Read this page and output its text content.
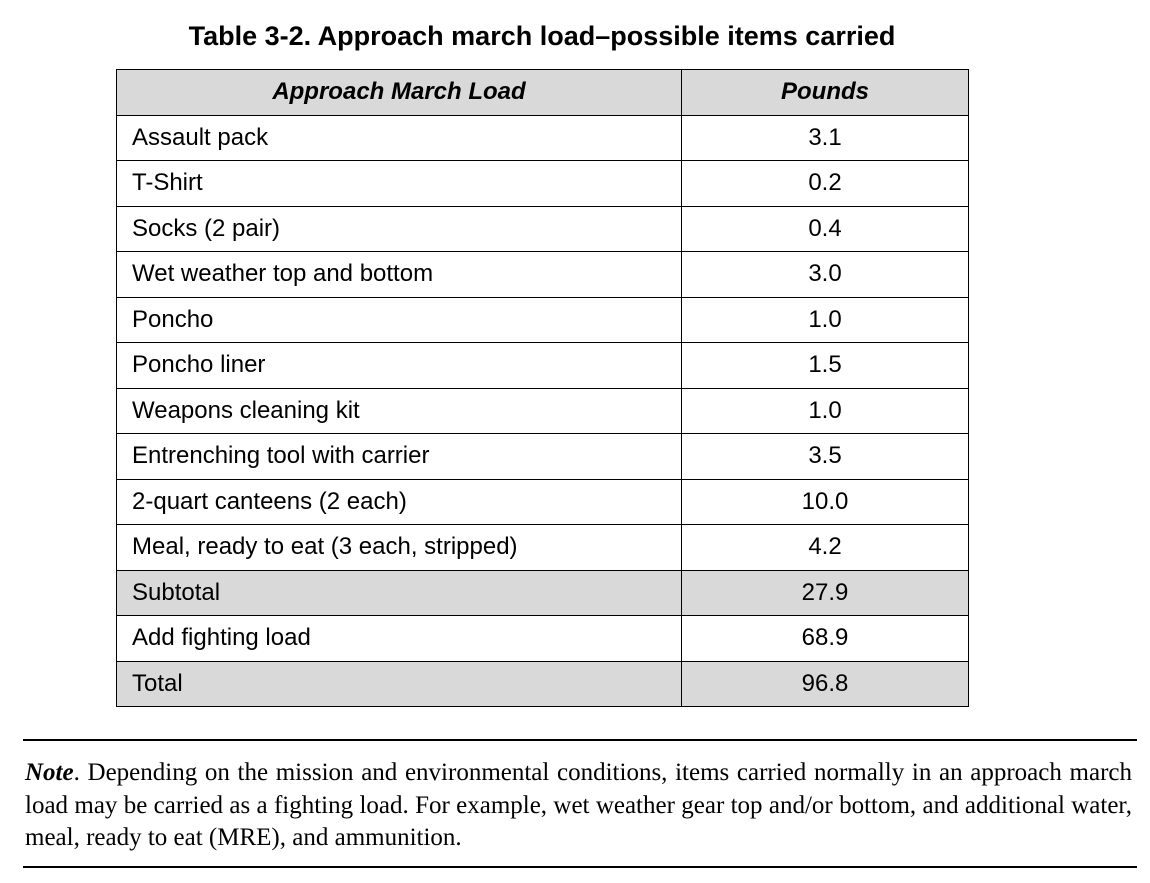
Table 3-2. Approach march load–possible items carried
Approach March Load	Pounds
Assault pack	3.1
T-Shirt	0.2
Socks (2 pair)	0.4
Wet weather top and bottom	3.0
Poncho	1.0
Poncho liner	1.5
Weapons cleaning kit	1.0
Entrenching tool with carrier	3.5
2-quart canteens (2 each)	10.0
Meal, ready to eat (3 each, stripped)	4.2
Subtotal	27.9
Add fighting load	68.9
Total	96.8
Note. Depending on the mission and environmental conditions, items carried normally in an approach march load may be carried as a fighting load. For example, wet weather gear top and/or bottom, and additional water, meal, ready to eat (MRE), and ammunition.
